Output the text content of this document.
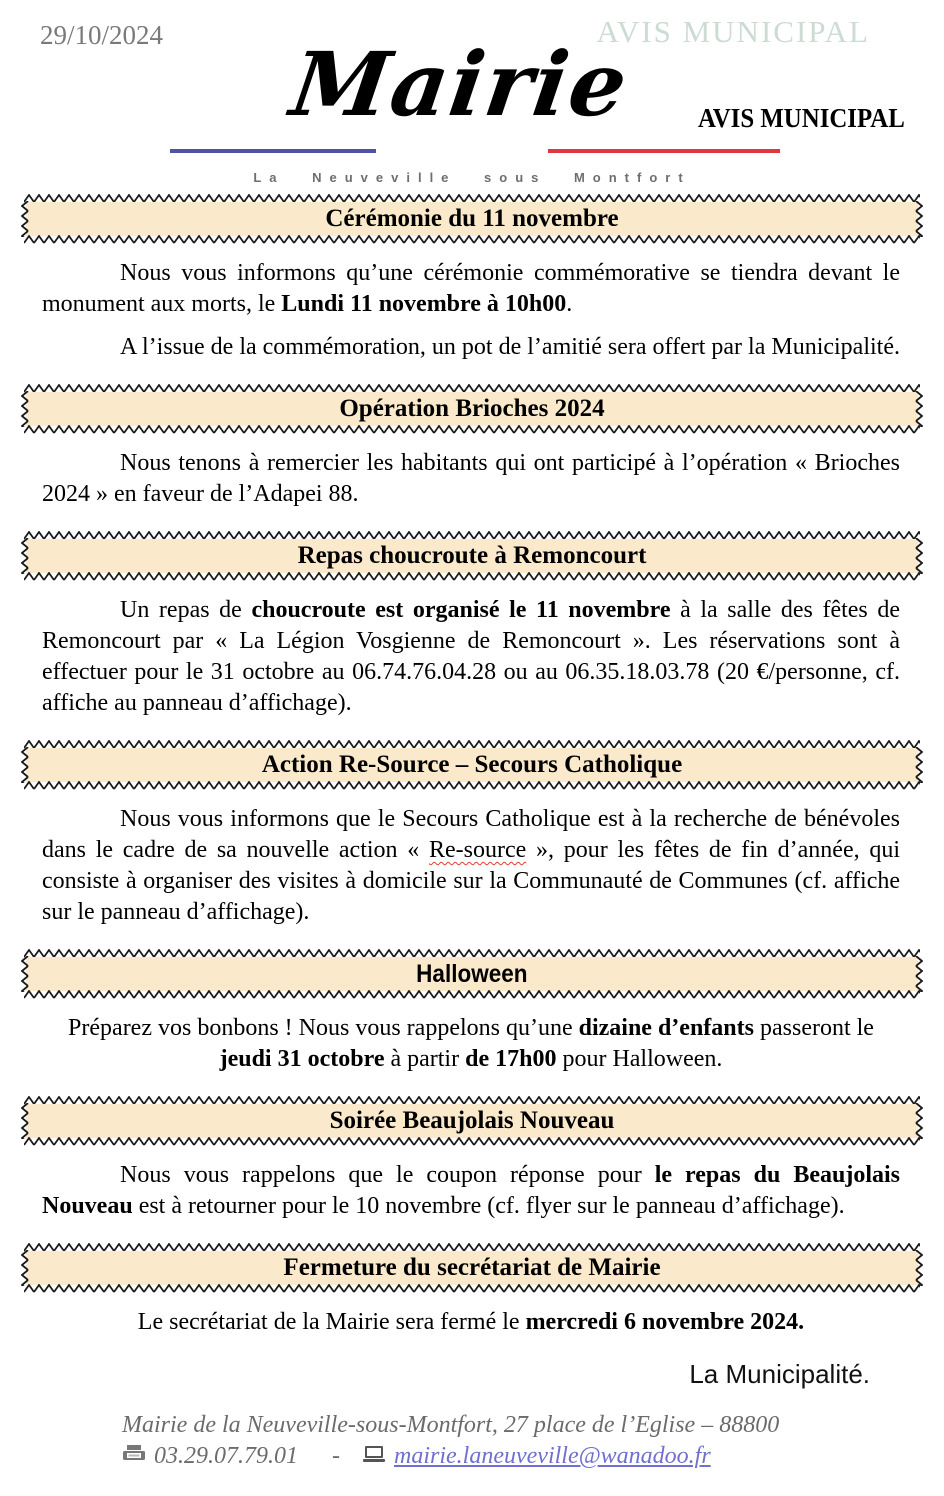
29/10/2024	AVIS MUNICIPAL
Mairie	AVIS MUNICIPAL
La Neuveville sous Montfort
Cérémonie du 11 novembre

Nous vous informons qu’une cérémonie commémorative se tiendra devant le monument aux morts, le Lundi 11 novembre à 10h00.

A l’issue de la commémoration, un pot de l’amitié sera offert par la Municipalité.

Opération Brioches 2024

Nous tenons à remercier les habitants qui ont participé à l’opération « Brioches 2024 » en faveur de l’Adapei 88.

Repas choucroute à Remoncourt

Un repas de choucroute est organisé le 11 novembre à la salle des fêtes de Remoncourt par « La Légion Vosgienne de Remoncourt ». Les réservations sont à effectuer pour le 31 octobre au 06.74.76.04.28 ou au 06.35.18.03.78 (20 €/personne, cf. affiche au panneau d’affichage).

Action Re-Source – Secours Catholique

Nous vous informons que le Secours Catholique est à la recherche de bénévoles dans le cadre de sa nouvelle action « Re-source », pour les fêtes de fin d’année, qui consiste à organiser des visites à domicile sur la Communauté de Communes (cf. affiche sur le panneau d’affichage).

Halloween

Préparez vos bonbons ! Nous vous rappelons qu’une dizaine d’enfants passeront le jeudi 31 octobre à partir de 17h00 pour Halloween.

Soirée Beaujolais Nouveau

Nous vous rappelons que le coupon réponse pour le repas du Beaujolais Nouveau est à retourner pour le 10 novembre (cf. flyer sur le panneau d’affichage).

Fermeture du secrétariat de Mairie

Le secrétariat de la Mairie sera fermé le mercredi 6 novembre 2024.

La Municipalité.
Mairie de la Neuveville-sous-Montfort, 27 place de l’Eglise – 88800
03.29.07.79.01 - mairie.laneuveville@wanadoo.fr
